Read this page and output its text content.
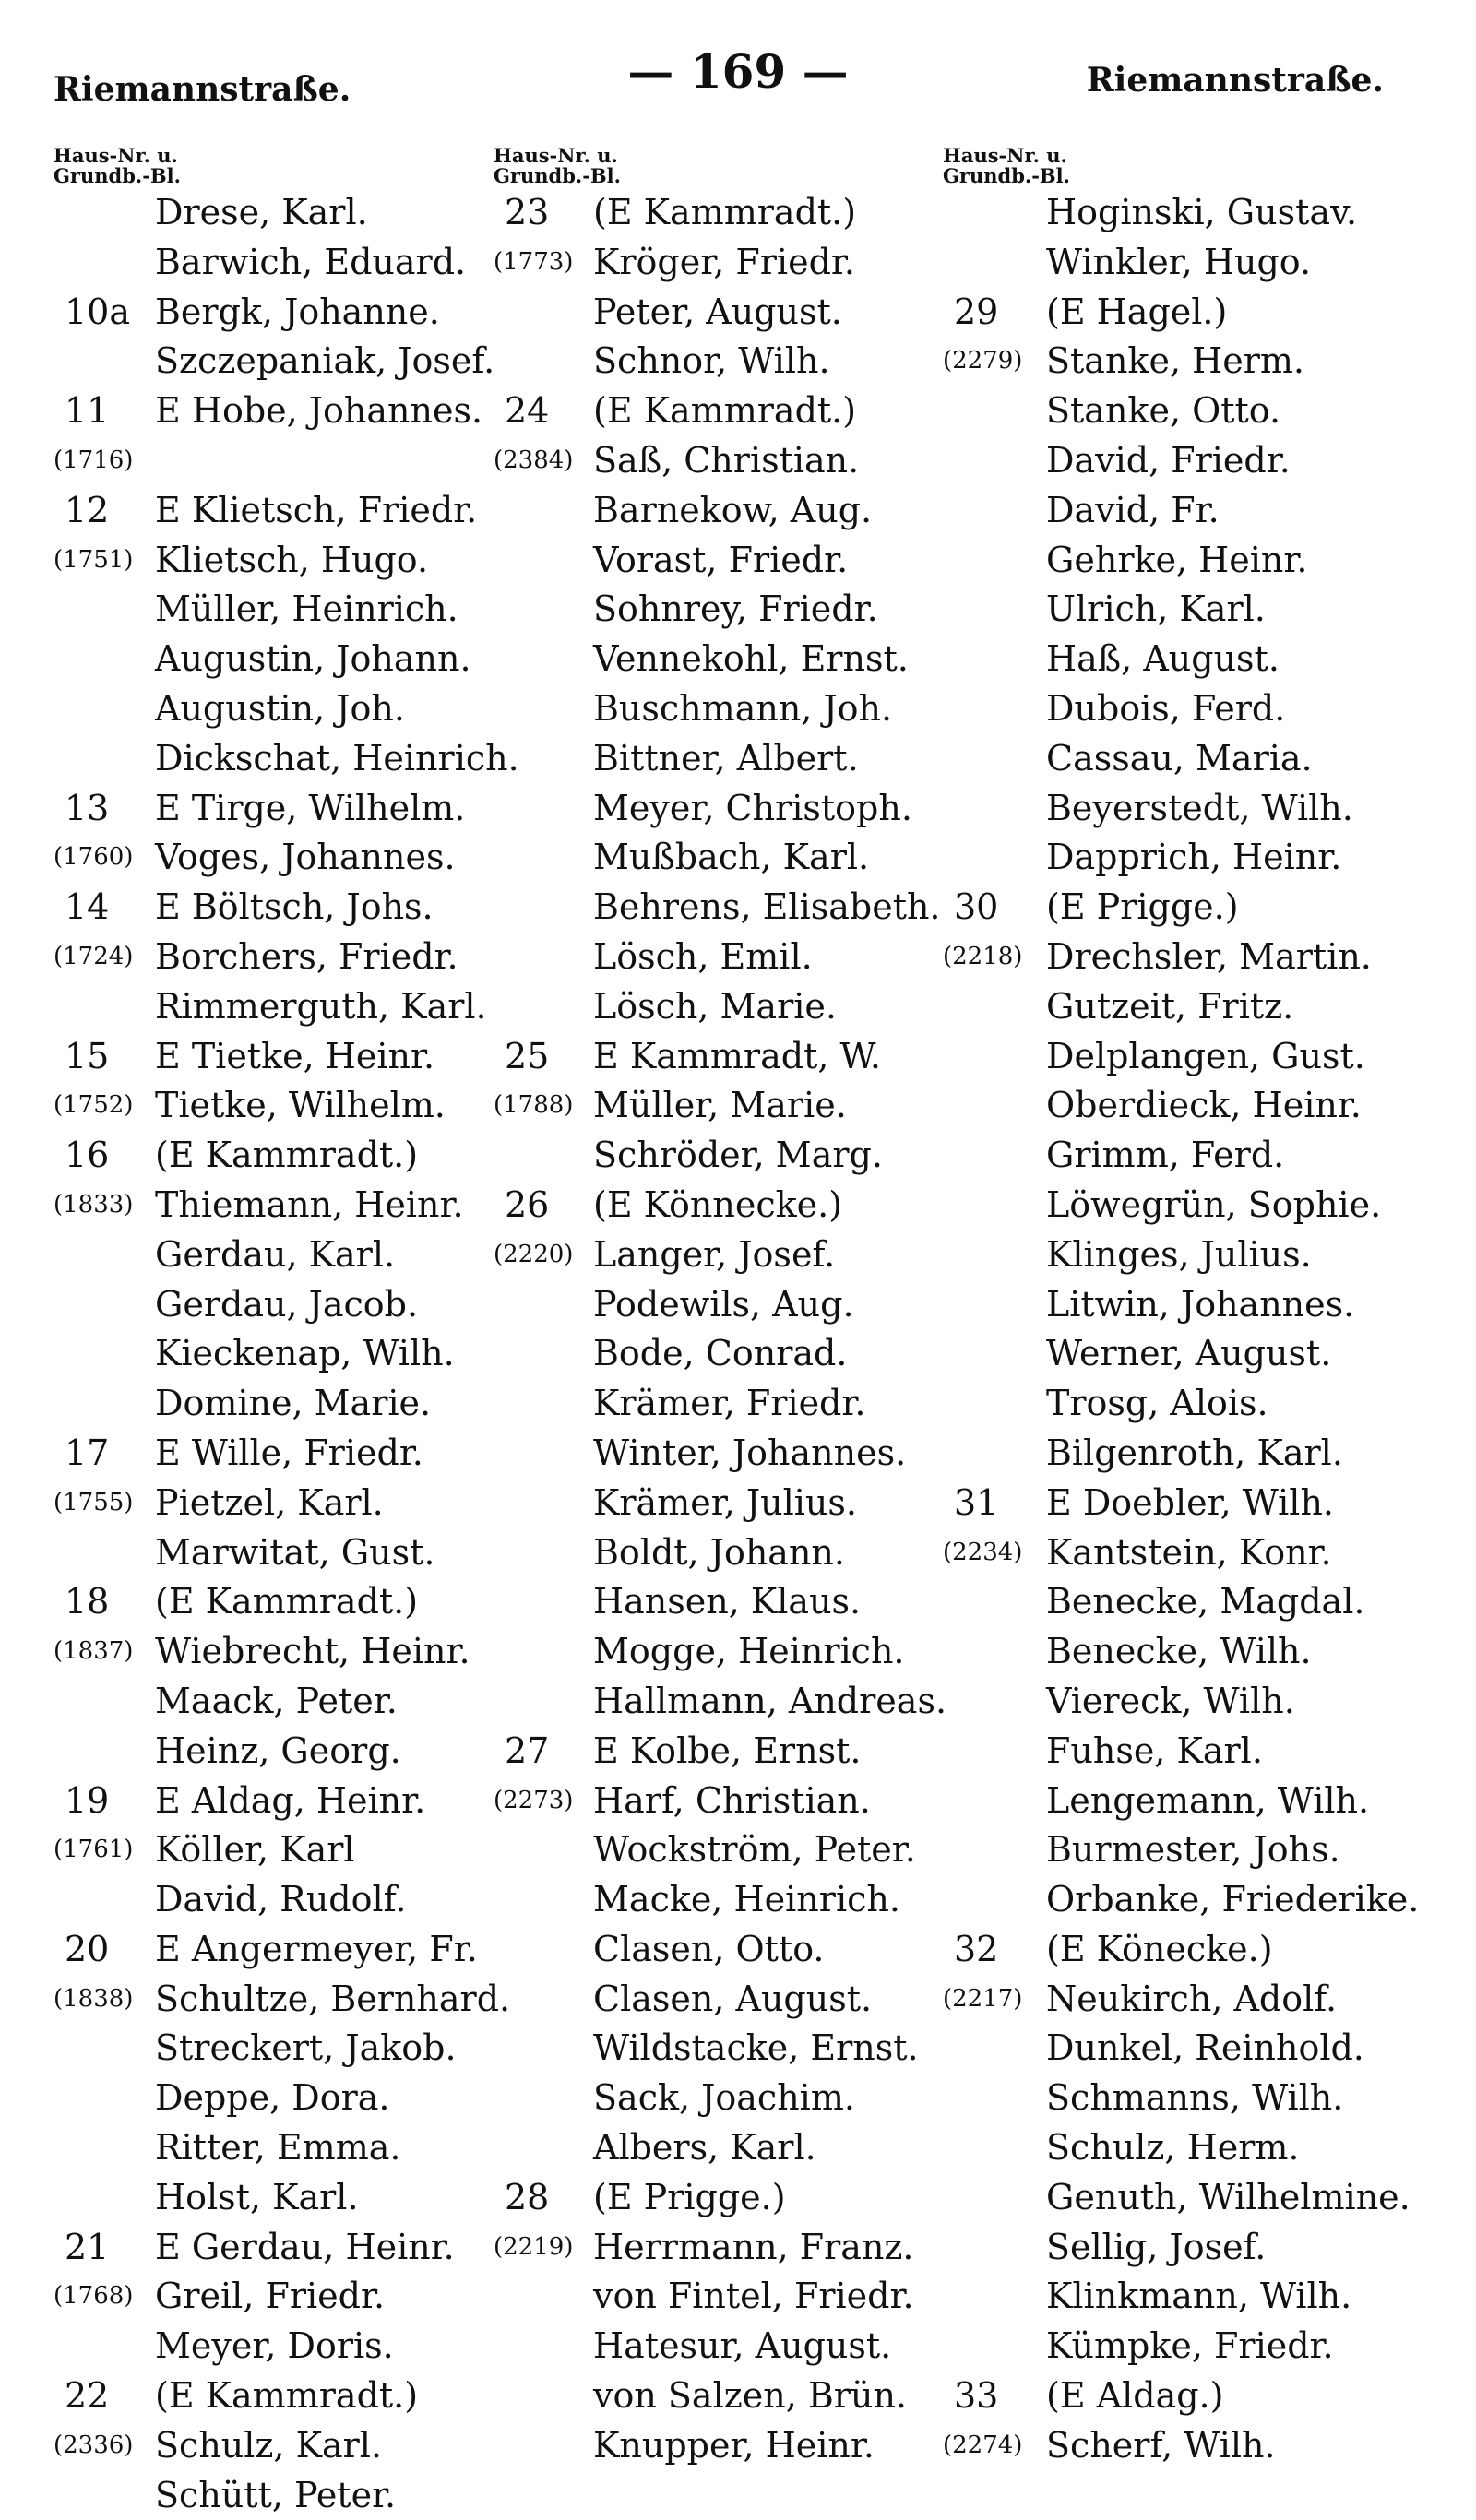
Riemannstraße.	— 169 —	Riemannstraße.
Haus-Nr. u.
Grundb.-Bl.
Drese, Karl.
Barwich, Eduard.
10a Bergk, Johanne.
Szczepaniak, Josef.
11 E Hobe, Johannes.
(1716)
12 E Klietsch, Friedr.
(1751) Klietsch, Hugo.
Müller, Heinrich.
Augustin, Johann.
Augustin, Joh.
Dickschat, Heinrich.
13 E Tirge, Wilhelm.
(1760) Voges, Johannes.
14 E Böltsch, Johs.
(1724) Borchers, Friedr.
Rimmerguth, Karl.
15 E Tietke, Heinr.
(1752) Tietke, Wilhelm.
16 (E Kammradt.)
(1833) Thiemann, Heinr.
Gerdau, Karl.
Gerdau, Jacob.
Kieckenap, Wilh.
Domine, Marie.
17 E Wille, Friedr.
(1755) Pietzel, Karl.
Marwitat, Gust.
18 (E Kammradt.)
(1837) Wiebrecht, Heinr.
Maack, Peter.
Heinz, Georg.
19 E Aldag, Heinr.
(1761) Köller, Karl
David, Rudolf.
20 E Angermeyer, Fr.
(1838) Schultze, Bernhard.
Streckert, Jakob.
Deppe, Dora.
Ritter, Emma.
Holst, Karl.
21 E Gerdau, Heinr.
(1768) Greil, Friedr.
Meyer, Doris.
22 (E Kammradt.)
(2336) Schulz, Karl.
Schütt, Peter.
Haus-Nr. u.
Grundb.-Bl.
23 (E Kammradt.)
(1773) Kröger, Friedr.
Peter, August.
Schnor, Wilh.
24 (E Kammradt.)
(2384) Saß, Christian.
Barnekow, Aug.
Vorast, Friedr.
Sohnrey, Friedr.
Vennekohl, Ernst.
Buschmann, Joh.
Bittner, Albert.
Meyer, Christoph.
Mußbach, Karl.
Behrens, Elisabeth.
Lösch, Emil.
Lösch, Marie.
25 E Kammradt, W.
(1788) Müller, Marie.
Schröder, Marg.
26 (E Könnecke.)
(2220) Langer, Josef.
Podewils, Aug.
Bode, Conrad.
Krämer, Friedr.
Winter, Johannes.
Krämer, Julius.
Boldt, Johann.
Hansen, Klaus.
Mogge, Heinrich.
Hallmann, Andreas.
27 E Kolbe, Ernst.
(2273) Harf, Christian.
Wockström, Peter.
Macke, Heinrich.
Clasen, Otto.
Clasen, August.
Wildstacke, Ernst.
Sack, Joachim.
Albers, Karl.
28 (E Prigge.)
(2219) Herrmann, Franz.
von Fintel, Friedr.
Hatesur, August.
von Salzen, Brün.
Knupper, Heinr.
Haus-Nr. u.
Grundb.-Bl.
Hoginski, Gustav.
Winkler, Hugo.
29 (E Hagel.)
(2279) Stanke, Herm.
Stanke, Otto.
David, Friedr.
David, Fr.
Gehrke, Heinr.
Ulrich, Karl.
Haß, August.
Dubois, Ferd.
Cassau, Maria.
Beyerstedt, Wilh.
Dapprich, Heinr.
30 (E Prigge.)
(2218) Drechsler, Martin.
Gutzeit, Fritz.
Delplangen, Gust.
Oberdieck, Heinr.
Grimm, Ferd.
Löwegrün, Sophie.
Klinges, Julius.
Litwin, Johannes.
Werner, August.
Trosg, Alois.
Bilgenroth, Karl.
31 E Doebler, Wilh.
(2234) Kantstein, Konr.
Benecke, Magdal.
Benecke, Wilh.
Viereck, Wilh.
Fuhse, Karl.
Lengemann, Wilh.
Burmester, Johs.
Orbanke, Friederike.
32 (E Könecke.)
(2217) Neukirch, Adolf.
Dunkel, Reinhold.
Schmanns, Wilh.
Schulz, Herm.
Genuth, Wilhelmine.
Sellig, Josef.
Klinkmann, Wilh.
Kümpke, Friedr.
33 (E Aldag.)
(2274) Scherf, Wilh.
